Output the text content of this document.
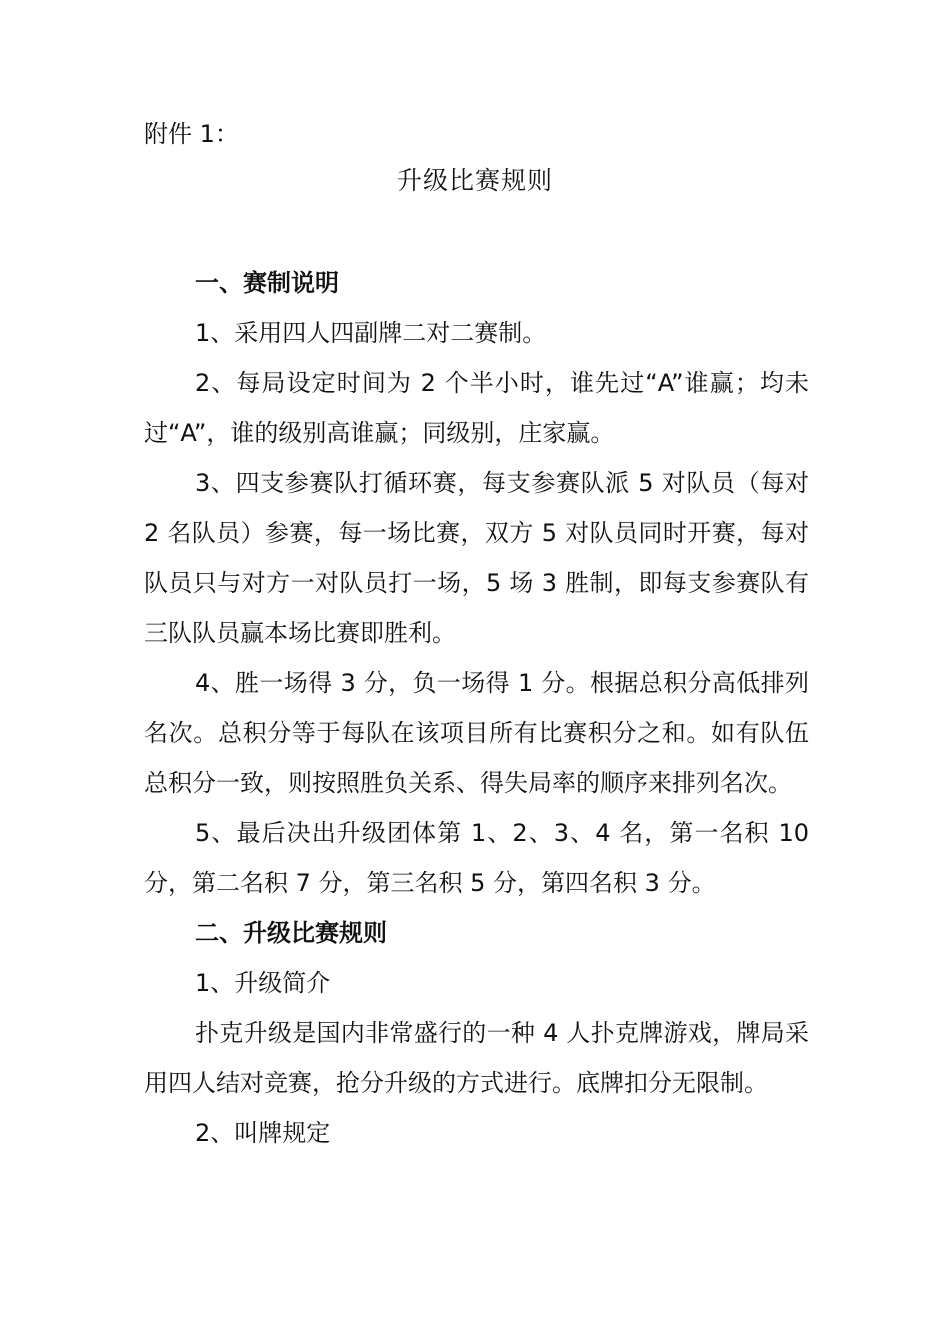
附件 1：
升级比赛规则

一、赛制说明

1、采用四人四副牌二对二赛制。

2、每局设定时间为 2 个半小时，谁先过“A”谁赢；均未过“A”，谁的级别高谁赢；同级别，庄家赢。

3、四支参赛队打循环赛，每支参赛队派 5 对队员（每对 2 名队员）参赛，每一场比赛，双方 5 对队员同时开赛，每对队员只与对方一对队员打一场，5 场 3 胜制，即每支参赛队有三队队员赢本场比赛即胜利。

4、胜一场得 3 分，负一场得 1 分。根据总积分高低排列名次。总积分等于每队在该项目所有比赛积分之和。如有队伍总积分一致，则按照胜负关系、得失局率的顺序来排列名次。

5、最后决出升级团体第 1、2、3、4 名，第一名积 10 分，第二名积 7 分，第三名积 5 分，第四名积 3 分。

二、升级比赛规则

1、升级简介

扑克升级是国内非常盛行的一种 4 人扑克牌游戏，牌局采用四人结对竞赛，抢分升级的方式进行。底牌扣分无限制。

2、叫牌规定
